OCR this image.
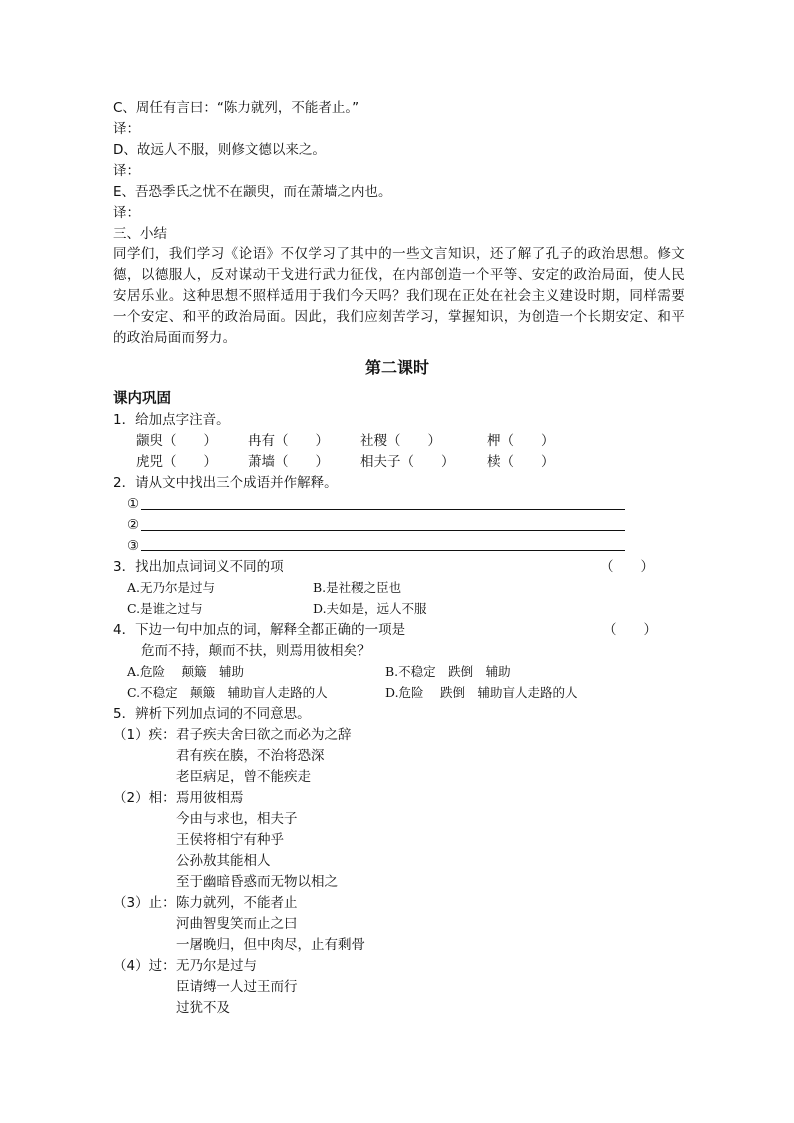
C、周任有言曰：“陈力就列，不能者止。”
译：
D、故远人不服，则修文德以来之。
译：
E、吾恐季氏之忧不在颛臾，而在萧墙之内也。
译：
三、小结
同学们，我们学习《论语》不仅学习了其中的一些文言知识，还了解了孔子的政治思想。修文德，以德服人，反对谋动干戈进行武力征伐，在内部创造一个平等、安定的政治局面，使人民安居乐业。这种思想不照样适用于我们今天吗？我们现在正处在社会主义建设时期，同样需要一个安定、和平的政治局面。因此，我们应刻苦学习，掌握知识，为创造一个长期安定、和平的政治局面而努力。
第二课时
课内巩固
1．给加点字注音。
颛臾（　　） 冉有（　　） 社稷（　　）	柙（　　）
虎兕（　　） 萧墙（　　） 相夫子（　　） 椟（　　）
2．请从文中找出三个成语并作解释。
①
②
③
3．找出加点词词义不同的项	（　　）
A.无乃尔是过与	B.是社稷之臣也
C.是谁之过与	D.夫如是，远人不服
4．下边一句中加点的词，解释全都正确的一项是	（　　）
危而不持，颠而不扶，则焉用彼相矣？
A.危险　 颠簸　辅助	B.不稳定　跌倒　辅助
C.不稳定　颠簸　辅助盲人走路的人	D.危险　 跌倒　辅助盲人走路的人
5．辨析下列加点词的不同意思。
（1）疾： 君子疾夫舍曰欲之而必为之辞
君有疾在腠，不治将恐深
老臣病足，曾不能疾走
（2）相： 焉用彼相焉
今由与求也，相夫子
王侯将相宁有种乎
公孙敖其能相人
至于幽暗昏惑而无物以相之
（3）止： 陈力就列，不能者止
河曲智叟笑而止之曰
一屠晚归，但中肉尽，止有剩骨
（4）过： 无乃尔是过与
臣请缚一人过王而行
过犹不及
